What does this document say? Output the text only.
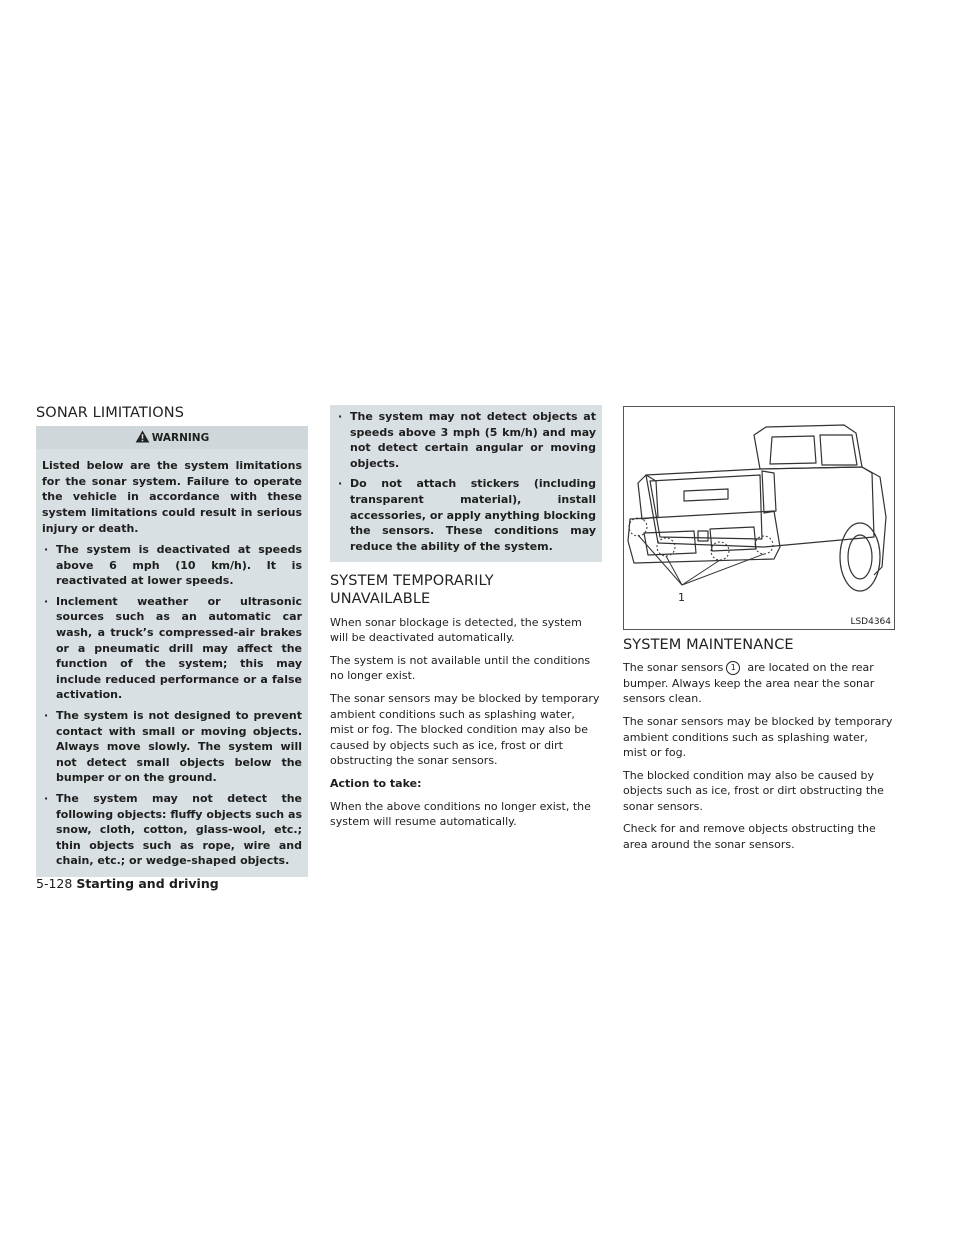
SONAR LIMITATIONS
WARNING

Listed below are the system limitations for the sonar system. Failure to operate the vehicle in accordance with these system limitations could result in serious injury or death.

· The system is deactivated at speeds above 6 mph (10 km/h). It is reactivated at lower speeds.
· Inclement weather or ultrasonic sources such as an automatic car wash, a truck’s compressed-air brakes or a pneumatic drill may affect the function of the system; this may include reduced performance or a false activation.
· The system is not designed to prevent contact with small or moving objects. Always move slowly. The system will not detect small objects below the bumper or on the ground.
· The system may not detect the following objects: fluffy objects such as snow, cloth, cotton, glass-wool, etc.; thin objects such as rope, wire and chain, etc.; or wedge-shaped objects.
· The system may not detect objects at speeds above 3 mph (5 km/h) and may not detect certain angular or moving objects.
· Do not attach stickers (including transparent material), install accessories, or apply anything blocking the sensors. These conditions may reduce the ability of the system.
SYSTEM TEMPORARILY UNAVAILABLE

When sonar blockage is detected, the system will be deactivated automatically.

The system is not available until the conditions no longer exist.

The sonar sensors may be blocked by temporary ambient conditions such as splashing water, mist or fog. The blocked condition may also be caused by objects such as ice, frost or dirt obstructing the sonar sensors.

Action to take:

When the above conditions no longer exist, the system will resume automatically.

1
LSD4364
SYSTEM MAINTENANCE

The sonar sensors 1 are located on the rear bumper. Always keep the area near the sonar sensors clean.

The sonar sensors may be blocked by temporary ambient conditions such as splashing water, mist or fog.

The blocked condition may also be caused by objects such as ice, frost or dirt obstructing the sonar sensors.

Check for and remove objects obstructing the area around the sonar sensors.

5-128 Starting and driving
